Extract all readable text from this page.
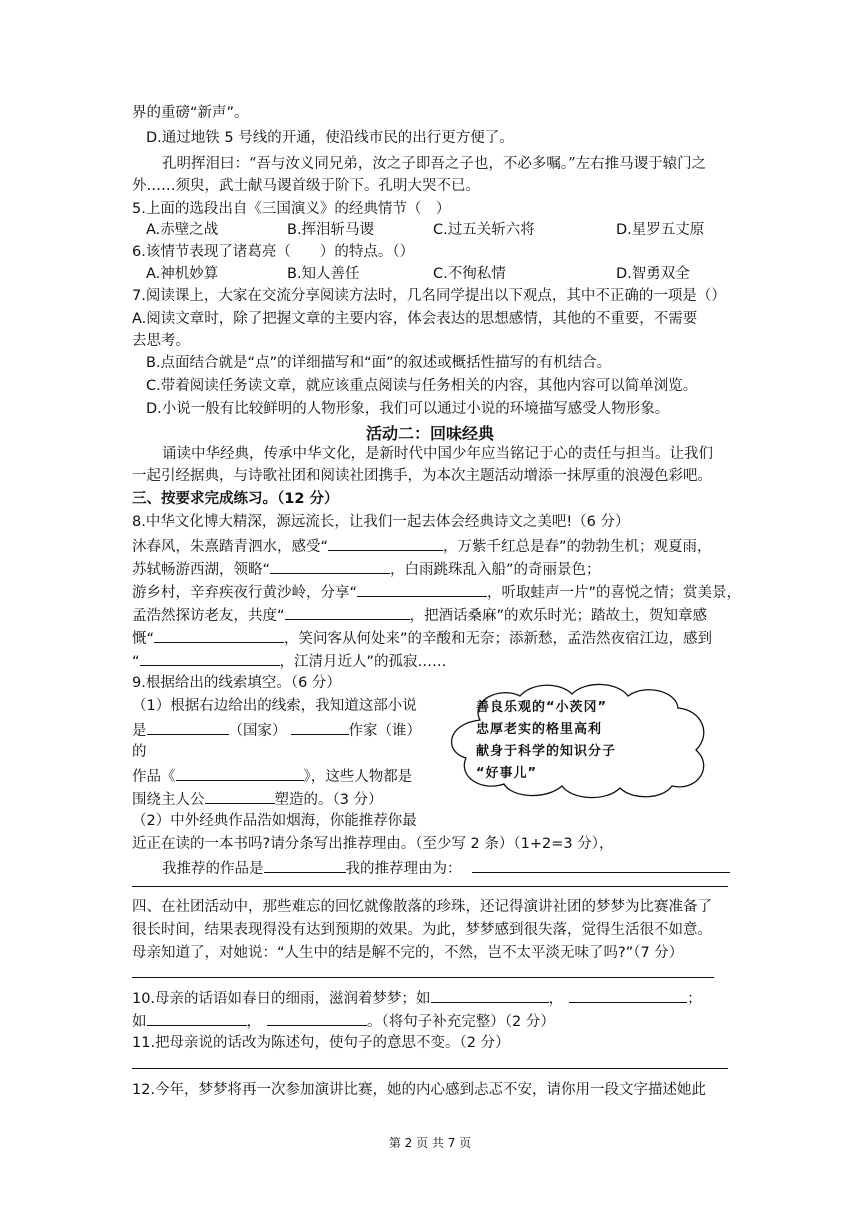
界的重磅“新声”。
D.通过地铁 5 号线的开通，使沿线市民的出行更方便了。
孔明挥泪曰：“吾与汝义同兄弟，汝之子即吾之子也，不必多嘱。”左右推马谡于辕门之
外……须臾，武士献马谡首级于阶下。孔明大哭不已。
5.上面的选段出自《三国演义》的经典情节（　）
A.赤壁之战	B.挥泪斩马谡	C.过五关斩六将	D.星罗五丈原
6.该情节表现了诸葛亮（　　）的特点。（）
A.神机妙算	B.知人善任	C.不徇私情	D.智勇双全
7.阅读课上，大家在交流分享阅读方法时，几名同学提出以下观点，其中不正确的一项是（）
A.阅读文章时，除了把握文章的主要内容，体会表达的思想感情，其他的不重要，不需要
去思考。
B.点面结合就是“点”的详细描写和“面”的叙述或概括性描写的有机结合。
C.带着阅读任务读文章，就应该重点阅读与任务相关的内容，其他内容可以简单浏览。
D.小说一般有比较鲜明的人物形象，我们可以通过小说的环境描写感受人物形象。
活动二：回味经典
诵读中华经典，传承中华文化，是新时代中国少年应当铭记于心的责任与担当。让我们
一起引经据典，与诗歌社团和阅读社团携手，为本次主题活动增添一抹厚重的浪漫色彩吧。
三、按要求完成练习。（12 分）
8.中华文化博大精深，源远流长，让我们一起去体会经典诗文之美吧!（6 分）
沐春风，朱熹踏青泗水，感受“	，万紫千红总是春”的勃勃生机；观夏雨，
苏轼畅游西湖，领略“	，白雨跳珠乱入船”的奇丽景色；
游乡村，辛弃疾夜行黄沙岭，分享“	，听取蛙声一片”的喜悦之情；赏美景，
孟浩然探访老友，共度“	，把酒话桑麻”的欢乐时光；踏故土，贺知章感
慨“	，笑问客从何处来”的辛酸和无奈；添新愁，孟浩然夜宿江边，感到
“	，江清月近人”的孤寂……
9.根据给出的线索填空。（6 分）
（1）根据右边给出的线索，我知道这部小说
是	（国家）	作家（谁）
的
作品《	》，这些人物都是
围绕主人公	塑造的。（3 分）
（2）中外经典作品浩如烟海，你能推荐你最
近正在读的一本书吗?请分条写出推荐理由。（至少写 2 条）（1+2=3 分），
我推荐的作品是	我的推荐理由为：
善良乐观的“小茨冈”
忠厚老实的格里高利
献身于科学的知识分子
“好事儿”
四、在社团活动中，那些难忘的回忆就像散落的珍珠，还记得演讲社团的梦梦为比赛准备了
很长时间，结果表现得没有达到预期的效果。为此，梦梦感到很失落，觉得生活很不如意。
母亲知道了，对她说：“人生中的结是解不完的，不然，岂不太平淡无味了吗?”（7 分）
10.母亲的话语如春日的细雨，滋润着梦梦；如	，	；
如	，	。（将句子补充完整）（2 分）
11.把母亲说的话改为陈述句，使句子的意思不变。（2 分）
12.今年，梦梦将再一次参加演讲比赛，她的内心感到忐忑不安，请你用一段文字描述她此
第 2 页 共 7 页
